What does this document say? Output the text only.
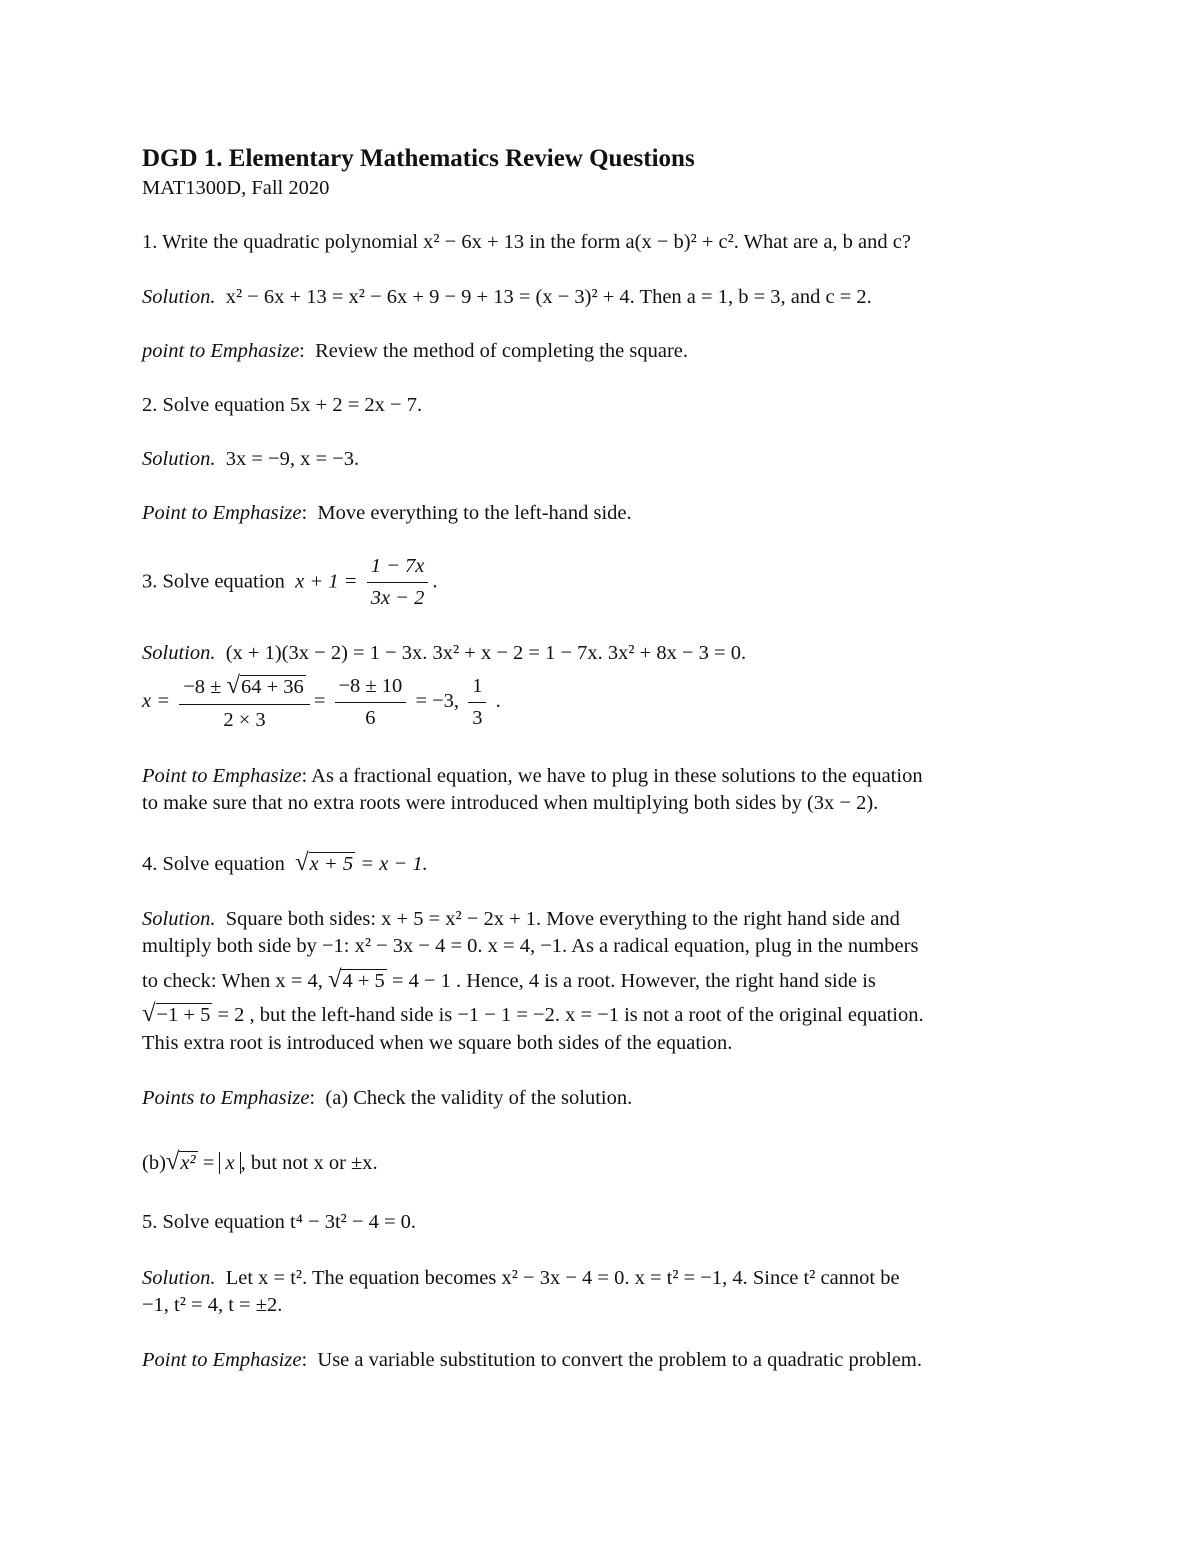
DGD 1. Elementary Mathematics Review Questions
MAT1300D, Fall 2020
1. Write the quadratic polynomial x² − 6x + 13 in the form a(x − b)² + c². What are a, b and c?
Solution. x² − 6x + 13 = x² − 6x + 9 − 9 + 13 = (x − 3)² + 4. Then a = 1, b = 3, and c = 2.
point to Emphasize:  Review the method of completing the square.
2. Solve equation 5x + 2 = 2x − 7.
Solution. 3x = −9, x = −3.
Point to Emphasize:  Move everything to the left-hand side.
3. Solve equation $x + 1 = \frac{1 - 7x}{3x - 2}$ .
Solution. (x + 1)(3x − 2) = 1 − 3x. 3x² + x − 2 = 1 − 7x. 3x² + 8x − 3 = 0.
$x = \frac{-8 \pm √64 + 36}{2 \times 3} = \frac{-8 \pm 10}{6} = -3$, $\frac{1}{3}$ .
Point to Emphasize: As a fractional equation, we have to plug in these solutions to the equation
to make sure that no extra roots were introduced when multiplying both sides by (3x − 2).
4. Solve equation √x + 5 = x − 1.
Solution. Square both sides: x + 5 = x² − 2x + 1. Move everything to the right hand side and
multiply both side by −1: x² − 3x − 4 = 0. x = 4, −1. As a radical equation, plug in the numbers
to check: When x = 4, √4 + 5 = 4 − 1 . Hence, 4 is a root. However, the right hand side is
√−1 + 5 = 2 , but the left-hand side is −1 − 1 = −2. x = −1 is not a root of the original equation.
This extra root is introduced when we square both sides of the equation.
Points to Emphasize:  (a) Check the validity of the solution.
(b)√x² = x , but not x or ±x.
5. Solve equation t⁴ − 3t² − 4 = 0.
Solution. Let x = t². The equation becomes x² − 3x − 4 = 0. x = t² = −1, 4. Since t² cannot be
−1, t² = 4, t = ±2.
Point to Emphasize:  Use a variable substitution to convert the problem to a quadratic problem.
